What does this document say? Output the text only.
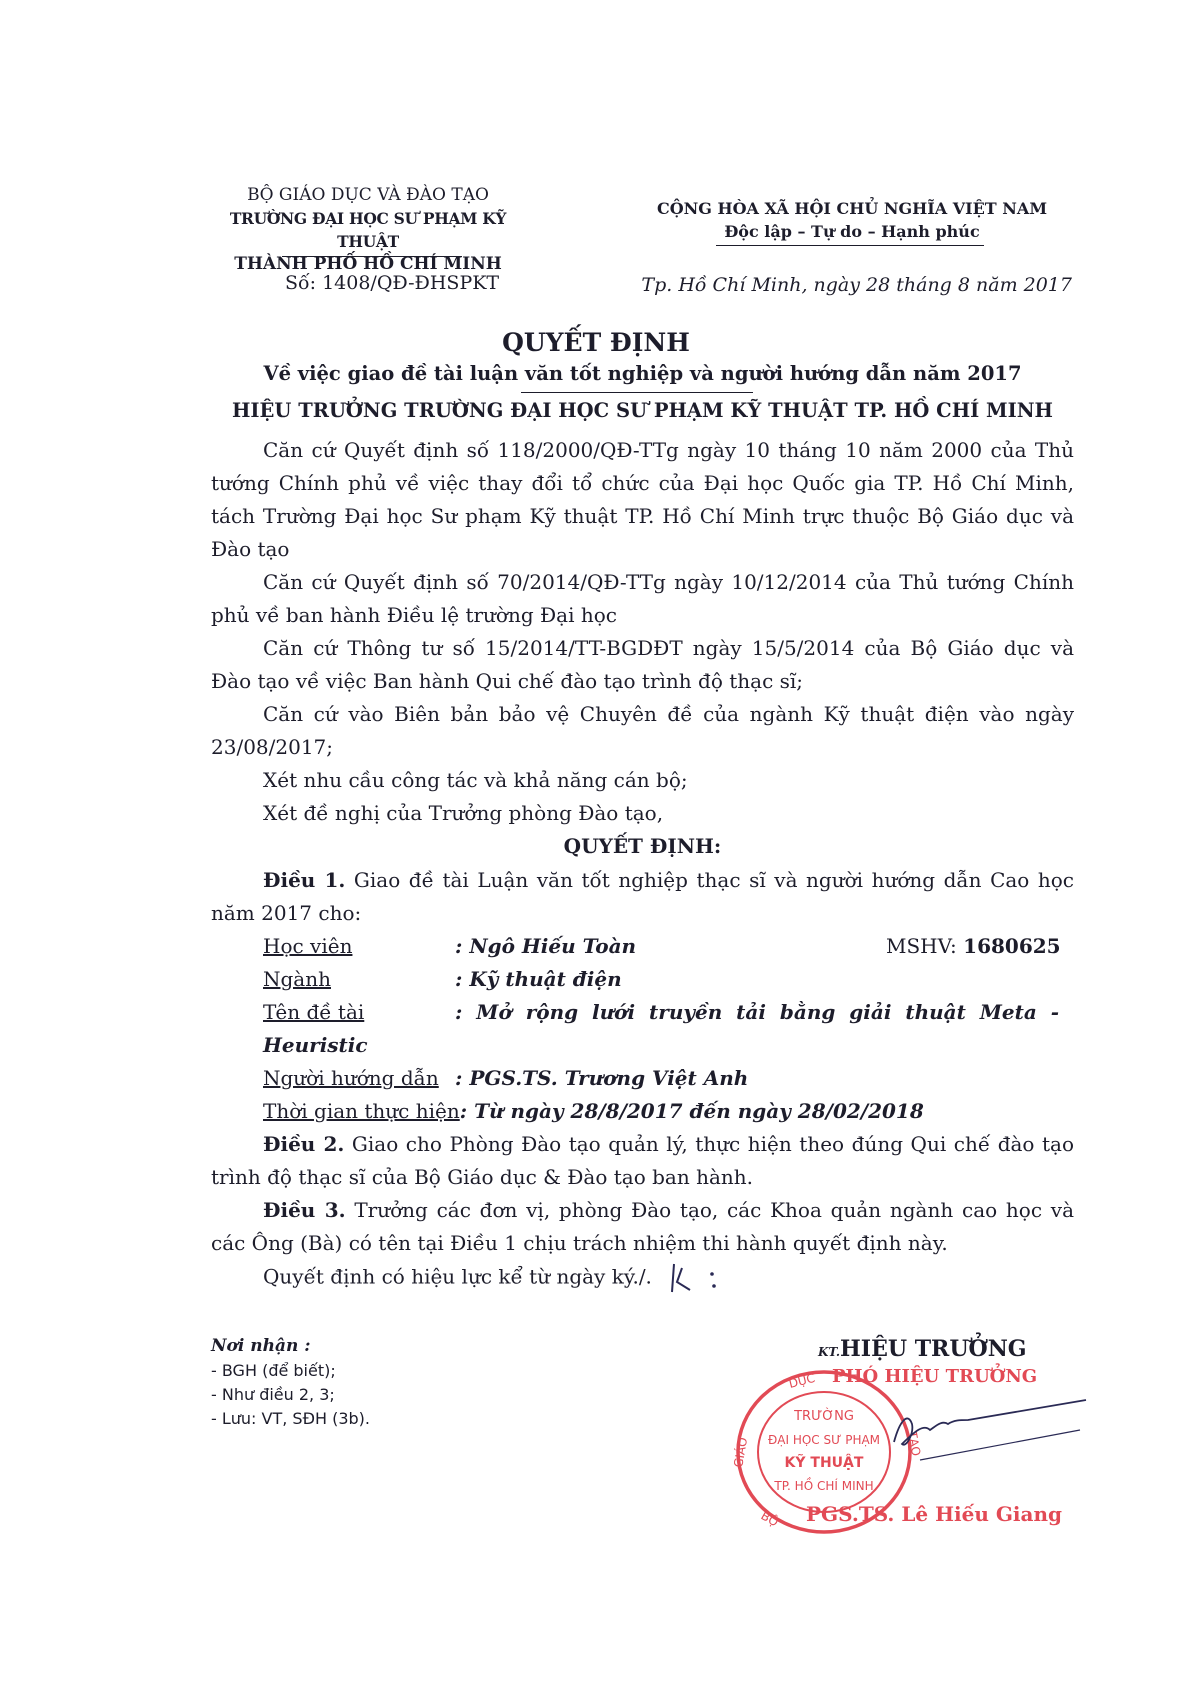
BỘ GIÁO DỤC VÀ ĐÀO TẠO
TRƯỜNG ĐẠI HỌC SƯ PHẠM KỸ THUẬT
THÀNH PHỐ HỒ CHÍ MINH
Số: 1408/QĐ-ĐHSPKT
CỘNG HÒA XÃ HỘI CHỦ NGHĨA VIỆT NAM
Độc lập – Tự do – Hạnh phúc
Tp. Hồ Chí Minh, ngày 28 tháng 8 năm 2017
QUYẾT ĐỊNH
Về việc giao đề tài luận văn tốt nghiệp và người hướng dẫn năm 2017
HIỆU TRƯỞNG TRƯỜNG ĐẠI HỌC SƯ PHẠM KỸ THUẬT TP. HỒ CHÍ MINH
Căn cứ Quyết định số 118/2000/QĐ-TTg ngày 10 tháng 10 năm 2000 của Thủ tướng Chính phủ về việc thay đổi tổ chức của Đại học Quốc gia TP. Hồ Chí Minh, tách Trường Đại học Sư phạm Kỹ thuật TP. Hồ Chí Minh trực thuộc Bộ Giáo dục và Đào tạo
Căn cứ Quyết định số 70/2014/QĐ-TTg ngày 10/12/2014 của Thủ tướng Chính phủ về ban hành Điều lệ trường Đại học
Căn cứ Thông tư số 15/2014/TT-BGDĐT ngày 15/5/2014 của Bộ Giáo dục và Đào tạo về việc Ban hành Qui chế đào tạo trình độ thạc sĩ;
Căn cứ vào Biên bản bảo vệ Chuyên đề của ngành Kỹ thuật điện vào ngày 23/08/2017;
Xét nhu cầu công tác và khả năng cán bộ;
Xét đề nghị của Trưởng phòng Đào tạo,
QUYẾT ĐỊNH:
Điều 1. Giao đề tài Luận văn tốt nghiệp thạc sĩ và người hướng dẫn Cao học năm 2017 cho:
Học viên	: Ngô Hiếu Toàn	MSHV: 1680625
Ngành	: Kỹ thuật điện
Tên đề tài	:  Mở  rộng  lưới  truyền  tải  bằng  giải  thuật  Meta  -
Heuristic
Người hướng dẫn : PGS.TS. Trương Việt Anh
Thời gian thực hiện: Từ ngày 28/8/2017 đến ngày 28/02/2018
Điều 2. Giao cho Phòng Đào tạo quản lý, thực hiện theo đúng Qui chế đào tạo trình độ thạc sĩ của Bộ Giáo dục & Đào tạo ban hành.
Điều 3. Trưởng các đơn vị, phòng Đào tạo, các Khoa quản ngành cao học và các Ông (Bà) có tên tại Điều 1 chịu trách nhiệm thi hành quyết định này.
Quyết định có hiệu lực kể từ ngày ký./.
Nơi nhận :
- BGH (để biết);
- Như điều 2, 3;
- Lưu: VT, SĐH (3b).
KT.HIỆU TRƯỞNG
PHÓ HIỆU TRƯỞNG
DỤC
GIÁO	TẠO
BỘ
TRƯỜNG
ĐẠI HỌC SƯ PHẠM
KỸ THUẬT
TP. HỒ CHÍ MINH
PGS.TS. Lê Hiếu Giang
